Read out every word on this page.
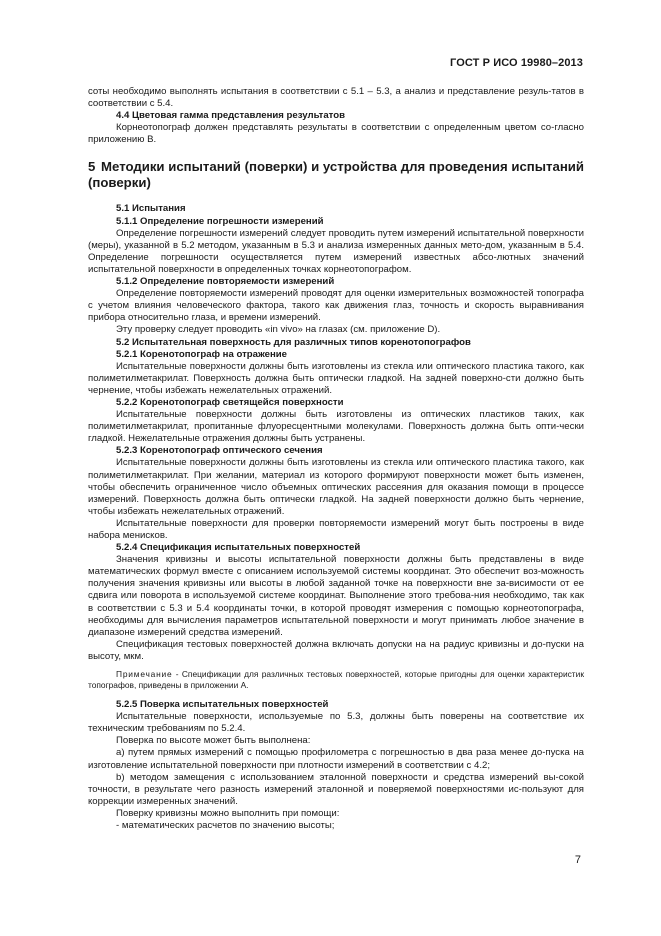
ГОСТ Р ИСО 19980–2013

соты необходимо выполнять испытания в соответствии с 5.1 – 5.3, а анализ и представление резуль-татов в соответствии с 5.4.

4.4 Цветовая гамма представления результатов

Корнеотопограф должен представлять результаты в соответствии с определенным цветом со-гласно приложению В.

5 Методики испытаний (поверки) и устройства для проведения испытаний (поверки)

5.1 Испытания

5.1.1 Определение погрешности измерений

Определение погрешности измерений следует проводить путем измерений испытательной поверхности (меры), указанной в 5.2 методом, указанным в 5.3 и анализа измеренных данных мето-дом, указанным в 5.4. Определение погрешности осуществляется путем измерений известных абсо-лютных значений испытательной поверхности в определенных точках корнеотопографом.

5.1.2 Определение повторяемости измерений

Определение повторяемости измерений проводят для оценки измерительных возможностей топографа с учетом влияния человеческого фактора, такого как движения глаз, точность и скорость выравнивания прибора относительно глаза, и времени измерений.

Эту проверку следует проводить «in vivo» на глазах (см. приложение D).

5.2 Испытательная поверхность для различных типов коренотопографов

5.2.1 Коренотопограф на отражение

Испытательные поверхности должны быть изготовлены из стекла или оптического пластика такого, как полиметилметакрилат. Поверхность должна быть оптически гладкой. На задней поверхно-сти должно быть чернение, чтобы избежать нежелательных отражений.

5.2.2 Коренотопограф светящейся поверхности

Испытательные поверхности должны быть изготовлены из оптических пластиков таких, как полиметилметакрилат, пропитанные флуоресцентными молекулами. Поверхность должна быть опти-чески гладкой. Нежелательные отражения должны быть устранены.

5.2.3 Коренотопограф оптического сечения

Испытательные поверхности должны быть изготовлены из стекла или оптического пластика такого, как полиметилметакрилат. При желании, материал из которого формируют поверхности может быть изменен, чтобы обеспечить ограниченное число объемных оптических рассеяния для оказания помощи в процессе измерений. Поверхность должна быть оптически гладкой. На задней поверхности должно быть чернение, чтобы избежать нежелательных отражений.

Испытательные поверхности для проверки повторяемости измерений могут быть построены в виде набора менисков.

5.2.4 Спецификация испытательных поверхностей

Значения кривизны и высоты испытательной поверхности должны быть представлены в виде математических формул вместе с описанием используемой системы координат. Это обеспечит воз-можность получения значения кривизны или высоты в любой заданной точке на поверхности вне за-висимости от ее сдвига или поворота в используемой системе координат. Выполнение этого требова-ния необходимо, так как в соответствии с 5.3 и 5.4 координаты точки, в которой проводят измерения с помощью корнеотопографа, необходимы для вычисления параметров испытательной поверхности и могут принимать любое значение в диапазоне измерений средства измерений.

Спецификация тестовых поверхностей должна включать допуски на на радиус кривизны и до-пуски на высоту, мкм.

Примечание - Спецификации для различных тестовых поверхностей, которые пригодны для оценки характеристик топографов, приведены в приложении А.

5.2.5 Поверка испытательных поверхностей

Испытательные поверхности, используемые по 5.3, должны быть поверены на соответствие их техническим требованиям по 5.2.4.

Поверка по высоте может быть выполнена:

а) путем прямых измерений с помощью профилометра с погрешностью в два раза менее до-пуска на изготовление испытательной поверхности при плотности измерений в соответствии с 4.2;

b) методом замещения с использованием эталонной поверхности и средства измерений вы-сокой точности, в результате чего разность измерений эталонной и поверяемой поверхностями ис-пользуют для коррекции измеренных значений.

Поверку кривизны можно выполнить при помощи:

- математических расчетов по значению высоты;

7
